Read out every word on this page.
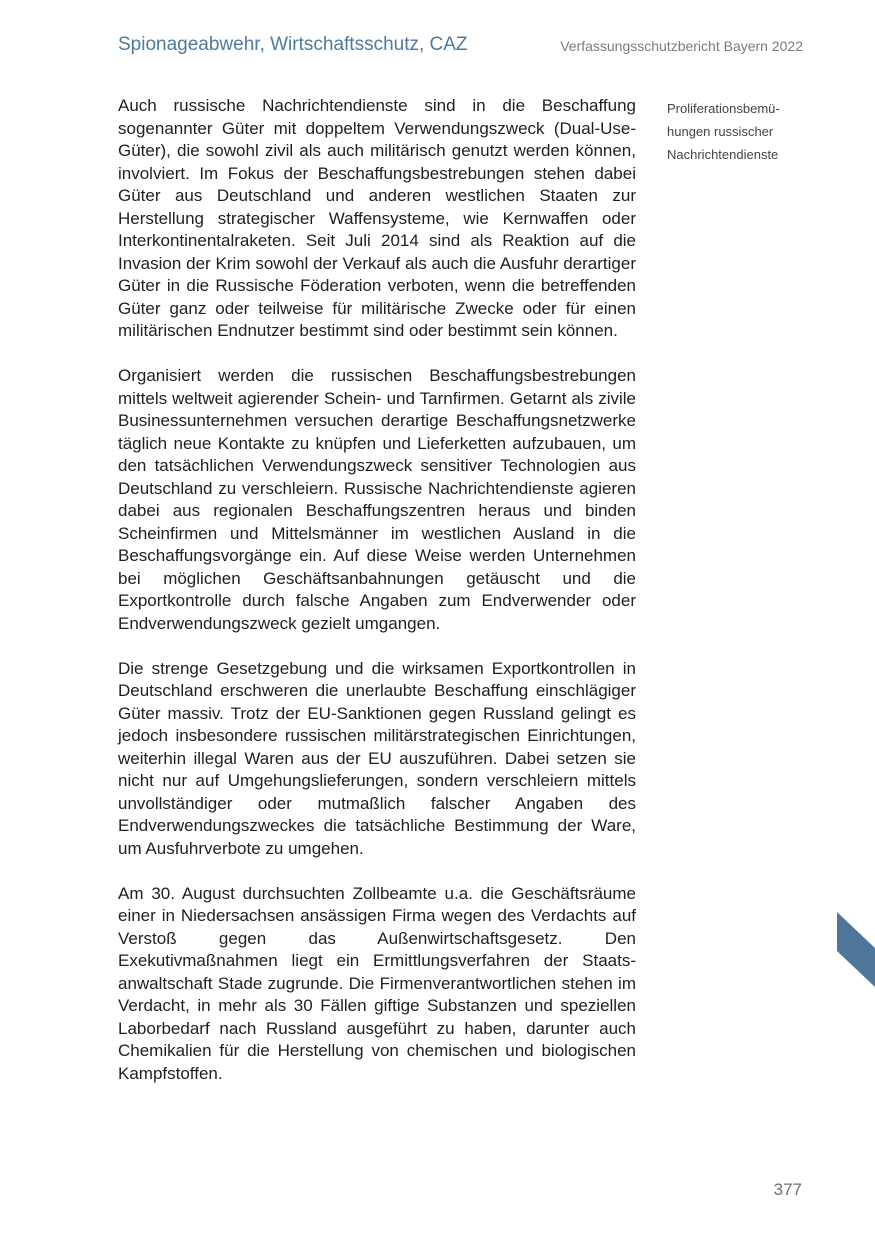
Spionageabwehr, Wirtschaftsschutz, CAZ	Verfassungsschutzbericht Bayern 2022

Auch russische Nachrichtendienste sind in die Beschaffung sogenannter Güter mit doppeltem Verwendungszweck (Dual-Use-Güter), die sowohl zivil als auch militärisch genutzt werden können, involviert. Im Fokus der Beschaffungsbestrebungen stehen dabei Güter aus Deutschland und anderen westlichen Staaten zur Herstellung strategischer Waffensysteme, wie Kernwaffen oder Interkontinentalraketen. Seit Juli 2014 sind als Reaktion auf die Invasion der Krim sowohl der Verkauf als auch die Ausfuhr derartiger Güter in die Russische Föderation verboten, wenn die betreffenden Güter ganz oder teilweise für militärische Zwecke oder für einen militärischen Endnutzer bestimmt sind oder bestimmt sein können.

Organisiert werden die russischen Beschaffungsbestrebungen mittels weltweit agierender Schein- und Tarnfirmen. Getarnt als zivile Businessunternehmen versuchen derartige Beschaffungsnetzwerke täglich neue Kontakte zu knüpfen und Lieferketten aufzubauen, um den tatsächlichen Verwendungszweck sensitiver Technologien aus Deutschland zu verschleiern. Russische Nachrichtendienste agieren dabei aus regionalen Beschaffungszentren heraus und binden Scheinfirmen und Mittelsmänner im westlichen Ausland in die Beschaffungsvorgänge ein. Auf diese Weise werden Unternehmen bei möglichen Geschäftsanbahnungen getäuscht und die Exportkontrolle durch falsche Angaben zum Endverwender oder Endverwendungszweck gezielt umgangen.

Die strenge Gesetzgebung und die wirksamen Exportkontrollen in Deutschland erschweren die unerlaubte Beschaffung einschlägiger Güter massiv. Trotz der EU-Sanktionen gegen Russland gelingt es jedoch insbesondere russischen militärstrategischen Einrichtungen, weiterhin illegal Waren aus der EU auszuführen. Dabei setzen sie nicht nur auf Umgehungslieferungen, sondern verschleiern mittels unvollständiger oder mutmaßlich falscher Angaben des Endverwendungszweckes die tatsächliche Bestimmung der Ware, um Ausfuhrverbote zu umgehen.

Am 30. August durchsuchten Zollbeamte u.a. die Geschäftsräume einer in Niedersachsen ansässigen Firma wegen des Verdachts auf Verstoß gegen das Außenwirtschaftsgesetz. Den Exekutivmaßnahmen liegt ein Ermittlungsverfahren der Staatsanwaltschaft Stade zugrunde. Die Firmenverantwortlichen stehen im Verdacht, in mehr als 30 Fällen giftige Substanzen und speziellen Laborbedarf nach Russland ausgeführt zu haben, darunter auch Chemikalien für die Herstellung von chemischen und biologischen Kampfstoffen.

Proliferationsbemü-
hungen russischer
Nachrichtendienste
377
